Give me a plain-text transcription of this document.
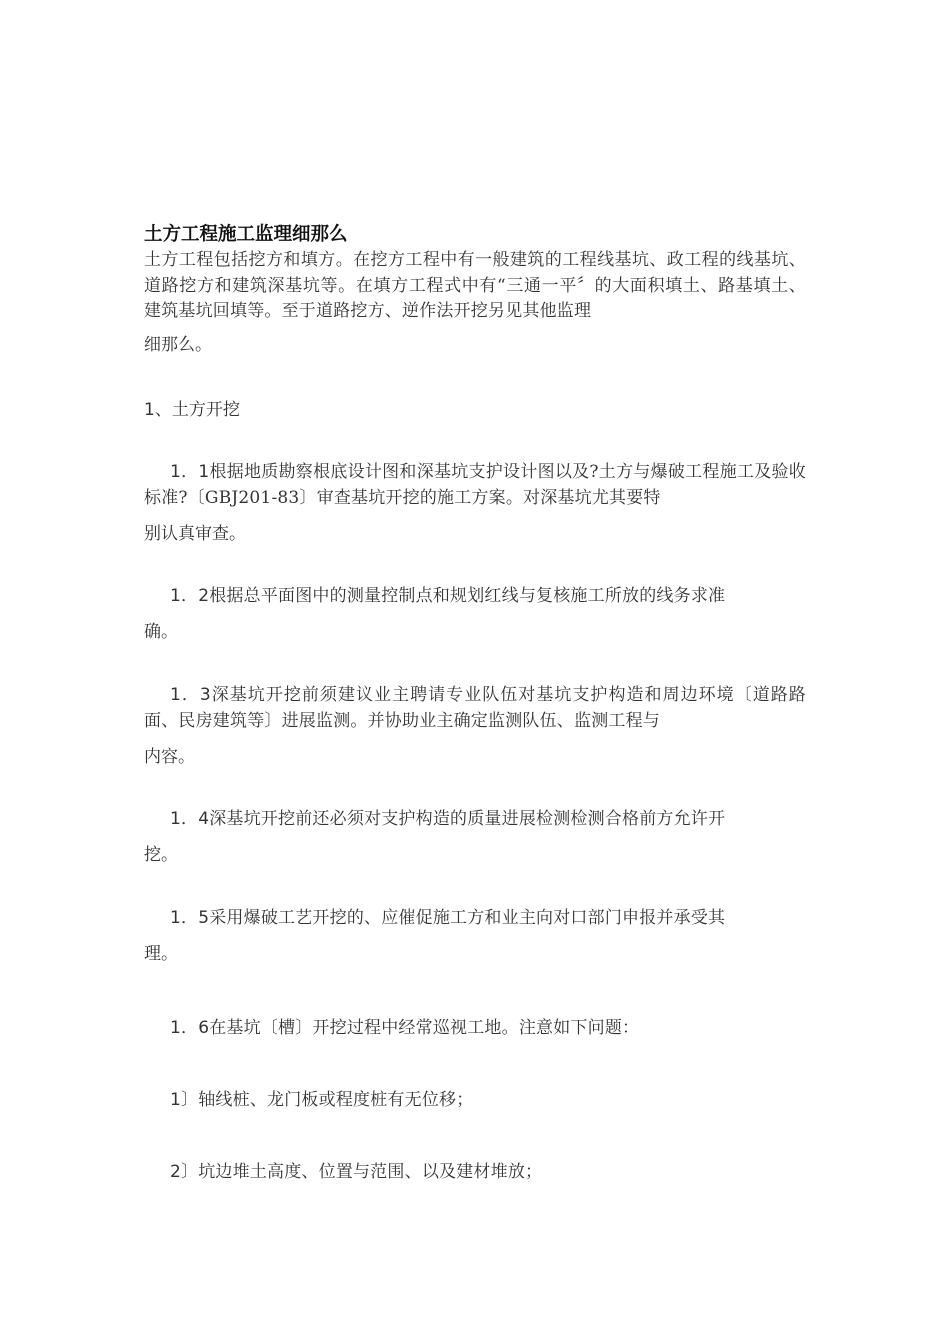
土方工程施工监理细那么

土方工程包括挖方和填方。在挖方工程中有一般建筑的工程线基坑、政工程的线基坑、道路挖方和建筑深基坑等。在填方工程式中有“三通一平〞的大面积填土、路基填土、建筑基坑回填等。至于道路挖方、逆作法开挖另见其他监理

细那么。

1、土方开挖

1．1根据地质勘察根底设计图和深基坑支护设计图以及?土方与爆破工程施工及验收标准?〔GBJ201-83〕审查基坑开挖的施工方案。对深基坑尤其要特

别认真审查。

1．2根据总平面图中的测量控制点和规划红线与复核施工所放的线务求准

确。

1．3深基坑开挖前须建议业主聘请专业队伍对基坑支护构造和周边环境〔道路路面、民房建筑等〕进展监测。并协助业主确定监测队伍、监测工程与

内容。

1．4深基坑开挖前还必须对支护构造的质量进展检测检测合格前方允许开

挖。

1．5采用爆破工艺开挖的、应催促施工方和业主向对口部门申报并承受其

理。

1．6在基坑〔槽〕开挖过程中经常巡视工地。注意如下问题：

1〕轴线桩、龙门板或程度桩有无位移；

2〕坑边堆土高度、位置与范围、以及建材堆放；
